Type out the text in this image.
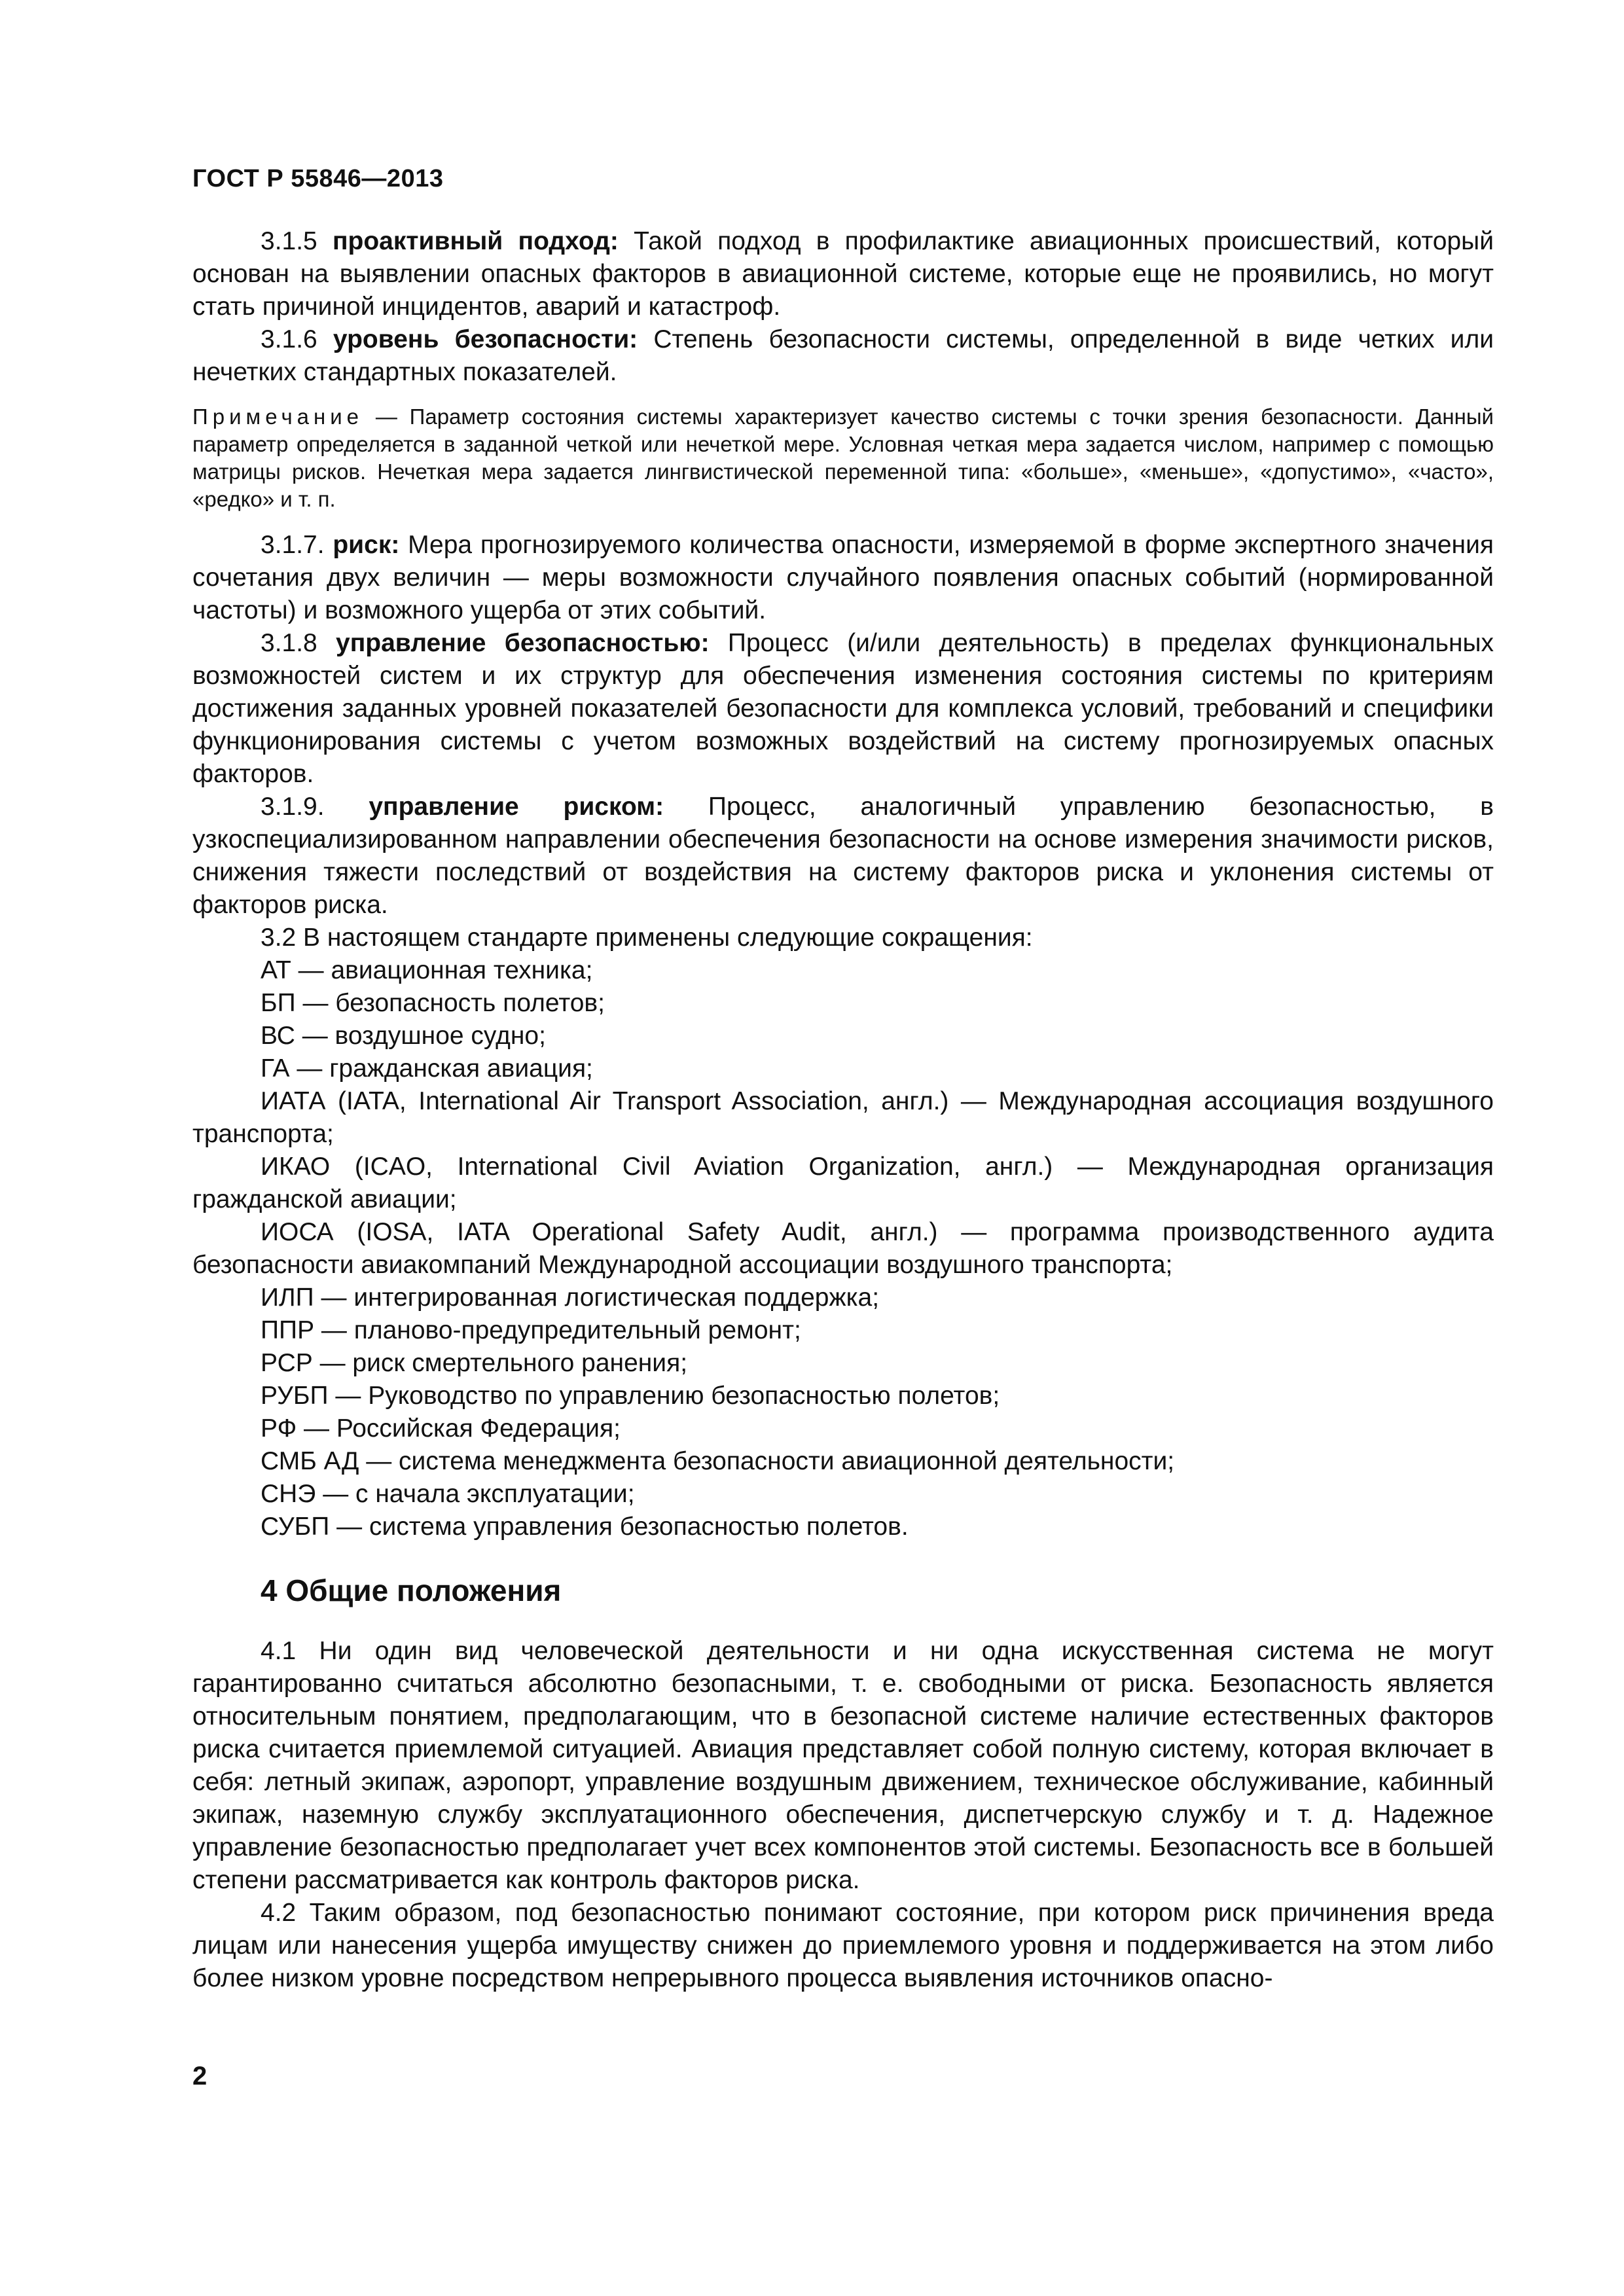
ГОСТ Р 55846—2013

3.1.5 проактивный подход: Такой подход в профилактике авиационных происшествий, который основан на выявлении опасных факторов в авиационной системе, которые еще не проявились, но могут стать причиной инцидентов, аварий и катастроф.

3.1.6 уровень безопасности: Степень безопасности системы, определенной в виде четких или нечетких стандартных показателей.

Примечание — Параметр состояния системы характеризует качество системы с точки зрения безопасности. Данный параметр определяется в заданной четкой или нечеткой мере. Условная четкая мера задается числом, например с помощью матрицы рисков. Нечеткая мера задается лингвистической переменной типа: «больше», «меньше», «допустимо», «часто», «редко» и т. п.

3.1.7. риск: Мера прогнозируемого количества опасности, измеряемой в форме экспертного значения сочетания двух величин — меры возможности случайного появления опасных событий (нормированной частоты) и возможного ущерба от этих событий.

3.1.8 управление безопасностью: Процесс (и/или деятельность) в пределах функциональных возможностей систем и их структур для обеспечения изменения состояния системы по критериям достижения заданных уровней показателей безопасности для комплекса условий, требований и специфики функционирования системы с учетом возможных воздействий на систему прогнозируемых опасных факторов.

3.1.9. управление риском: Процесс, аналогичный управлению безопасностью, в узкоспециализированном направлении обеспечения безопасности на основе измерения значимости рисков, снижения тяжести последствий от воздействия на систему факторов риска и уклонения системы от факторов риска.

3.2 В настоящем стандарте применены следующие сокращения:

АТ — авиационная техника;

БП — безопасность полетов;

ВС — воздушное судно;

ГА — гражданская авиация;

ИАТА (IATA, International Air Transport Association, англ.) — Международная ассоциация воздушного транспорта;

ИКАО (ICAO, International Civil Aviation Organization, англ.) — Международная организация гражданской авиации;

ИОСА (IOSA, IATA Operational Safety Audit, англ.) — программа производственного аудита безопасности авиакомпаний Международной ассоциации воздушного транспорта;

ИЛП — интегрированная логистическая поддержка;

ППР — планово-предупредительный ремонт;

РСР — риск смертельного ранения;

РУБП — Руководство по управлению безопасностью полетов;

РФ — Российская Федерация;

СМБ АД — система менеджмента безопасности авиационной деятельности;

СНЭ — с начала эксплуатации;

СУБП — система управления безопасностью полетов.

4 Общие положения

4.1 Ни один вид человеческой деятельности и ни одна искусственная система не могут гарантированно считаться абсолютно безопасными, т. е. свободными от риска. Безопасность является относительным понятием, предполагающим, что в безопасной системе наличие естественных факторов риска считается приемлемой ситуацией. Авиация представляет собой полную систему, которая включает в себя: летный экипаж, аэропорт, управление воздушным движением, техническое обслуживание, кабинный экипаж, наземную службу эксплуатационного обеспечения, диспетчерскую службу и т. д. Надежное управление безопасностью предполагает учет всех компонентов этой системы. Безопасность все в большей степени рассматривается как контроль факторов риска.

4.2 Таким образом, под безопасностью понимают состояние, при котором риск причинения вреда лицам или нанесения ущерба имуществу снижен до приемлемого уровня и поддерживается на этом либо более низком уровне посредством непрерывного процесса выявления источников опасно-

2
